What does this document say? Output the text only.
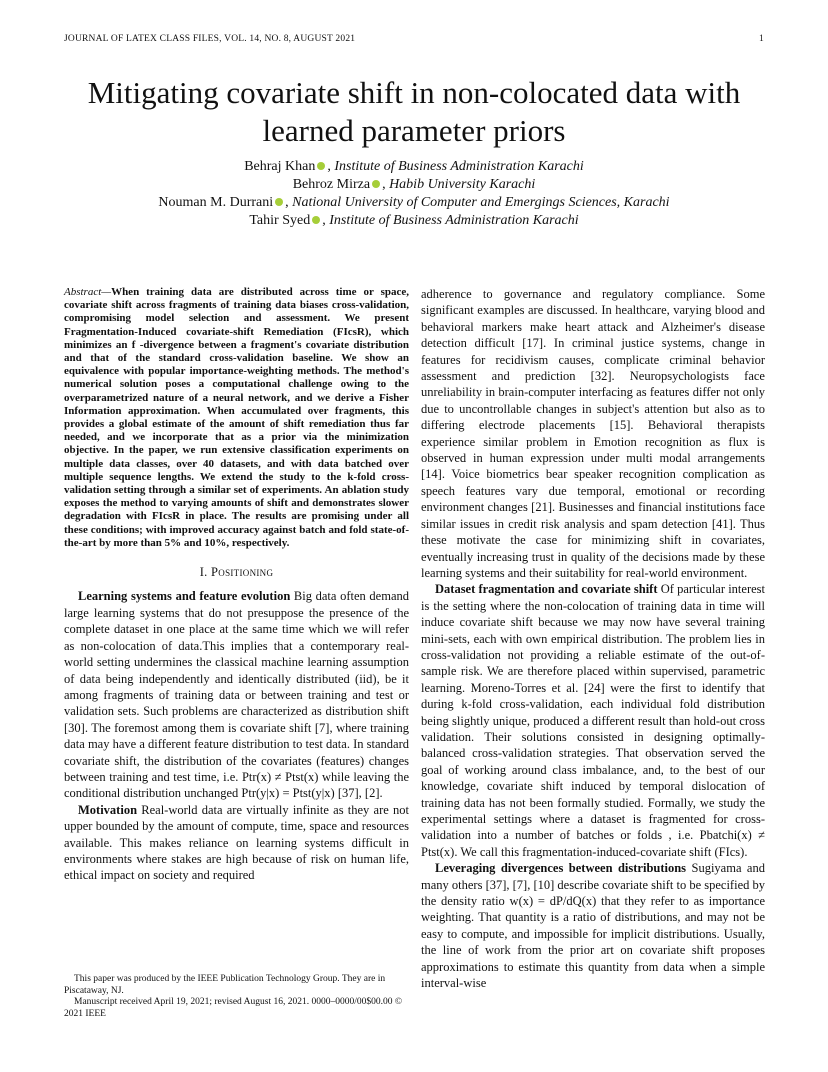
JOURNAL OF LATEX CLASS FILES, VOL. 14, NO. 8, AUGUST 2021	1
Mitigating covariate shift in non-colocated data with learned parameter priors
Behraj Khan , Institute of Business Administration Karachi
Behroz Mirza , Habib University Karachi
Nouman M. Durrani , National University of Computer and Emergings Sciences, Karachi
Tahir Syed , Institute of Business Administration Karachi
Abstract—When training data are distributed across time or space, covariate shift across fragments of training data biases cross-validation, compromising model selection and assessment. We present Fragmentation-Induced covariate-shift Remediation (FIcsR), which minimizes an f -divergence between a fragment's covariate distribution and that of the standard cross-validation baseline. We show an equivalence with popular importance-weighting methods. The method's numerical solution poses a computational challenge owing to the overparametrized nature of a neural network, and we derive a Fisher Information approximation. When accumulated over fragments, this provides a global estimate of the amount of shift remediation thus far needed, and we incorporate that as a prior via the minimization objective. In the paper, we run extensive classification experiments on multiple data classes, over 40 datasets, and with data batched over multiple sequence lengths. We extend the study to the k-fold cross-validation setting through a similar set of experiments. An ablation study exposes the method to varying amounts of shift and demonstrates slower degradation with FIcsR in place. The results are promising under all these conditions; with improved accuracy against batch and fold state-of-the-art by more than 5% and 10%, respectively.
I. Positioning

Learning systems and feature evolution Big data often demand large learning systems that do not presuppose the presence of the complete dataset in one place at the same time which we will refer as non-colocation of data.This implies that a contemporary real-world setting undermines the classical machine learning assumption of data being independently and identically distributed (iid), be it among fragments of training data or between training and test or validation sets. Such problems are characterized as distribution shift [30]. The foremost among them is covariate shift [7], where training data may have a different feature distribution to test data. In standard covariate shift, the distribution of the covariates (features) changes between training and test time, i.e. Ptr(x) ≠ Ptst(x) while leaving the conditional distribution unchanged Ptr(y|x) = Ptst(y|x) [37], [2].

Motivation Real-world data are virtually infinite as they are not upper bounded by the amount of compute, time, space and resources available. This makes reliance on learning systems difficult in environments where stakes are high because of risk on human life, ethical impact on society and required

adherence to governance and regulatory compliance. Some significant examples are discussed. In healthcare, varying blood and behavioral markers make heart attack and Alzheimer's disease detection difficult [17]. In criminal justice systems, change in features for recidivism causes, complicate criminal behavior assessment and prediction [32]. Neuropsychologists face unreliability in brain-computer interfacing as features differ not only due to uncontrollable changes in subject's attention but also as to differing electrode placements [15]. Behavioral therapists experience similar problem in Emotion recognition as flux is observed in human expression under multi modal arrangements [14]. Voice biometrics bear speaker recognition complication as speech features vary due temporal, emotional or recording environment changes [21]. Businesses and financial institutions face similar issues in credit risk analysis and spam detection [41]. Thus these motivate the case for minimizing shift in covariates, eventually increasing trust in quality of the decisions made by these learning systems and their suitability for real-world environment.

Dataset fragmentation and covariate shift Of particular interest is the setting where the non-colocation of training data in time will induce covariate shift because we may now have several training mini-sets, each with own empirical distribution. The problem lies in cross-validation not providing a reliable estimate of the out-of-sample risk. We are therefore placed within supervised, parametric learning. Moreno-Torres et al. [24] were the first to identify that during k-fold cross-validation, each individual fold distribution being slightly unique, produced a different result than hold-out cross validation. Their solutions consisted in designing optimally-balanced cross-validation strategies. That observation served the goal of working around class imbalance, and, to the best of our knowledge, covariate shift induced by temporal dislocation of training data has not been formally studied. Formally, we study the experimental settings where a dataset is fragmented for cross-validation into a number of batches or folds , i.e. Pbatchi(x) ≠ Ptst(x). We call this fragmentation-induced-covariate shift (FIcs).

Leveraging divergences between distributions Sugiyama and many others [37], [7], [10] describe covariate shift to be specified by the density ratio w(x) = dP/dQ(x) that they refer to as importance weighting. That quantity is a ratio of distributions, and may not be easy to compute, and impossible for implicit distributions. Usually, the line of work from the prior art on covariate shift proposes approximations to estimate this quantity from data when a simple interval-wise

This paper was produced by the IEEE Publication Technology Group. They are in Piscataway, NJ.
Manuscript received April 19, 2021; revised August 16, 2021. 0000–0000/00$00.00 © 2021 IEEE
